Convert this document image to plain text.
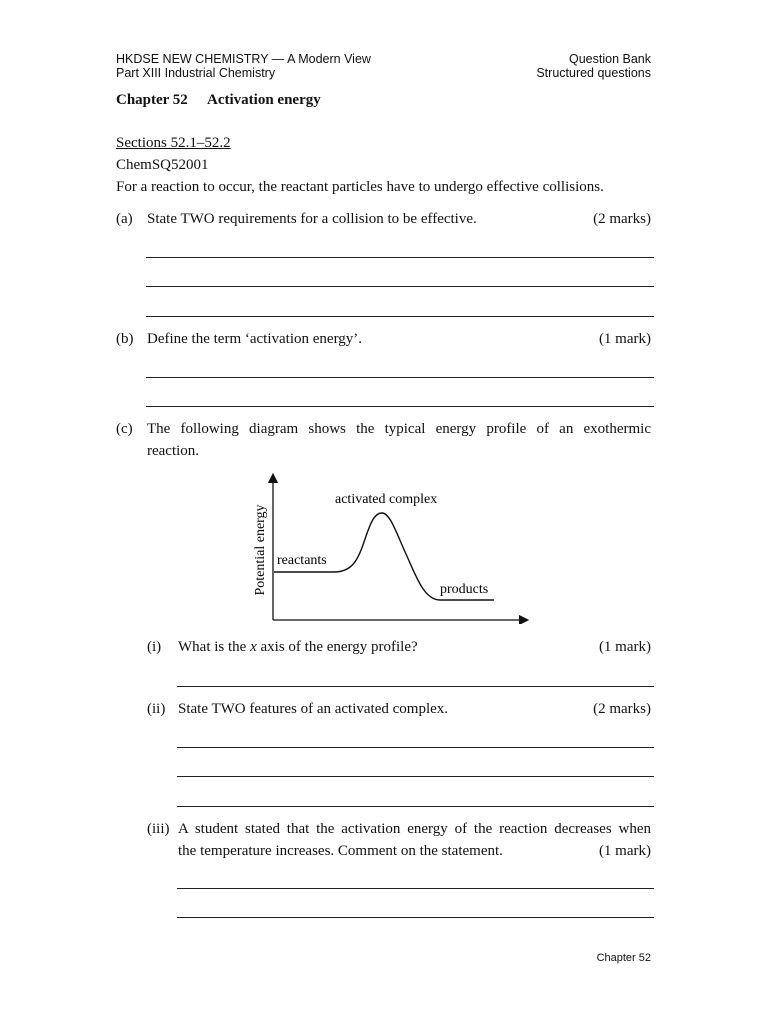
HKDSE NEW CHEMISTRY — A Modern View
Part XIII Industrial Chemistry
Question Bank
Structured questions
Chapter 52 Activation energy
Sections 52.1–52.2
ChemSQ52001
For a reaction to occur, the reactant particles have to undergo effective collisions.
(a) State TWO requirements for a collision to be effective.	(2 marks)
(b) Define the term ‘activation energy’.	(1 mark)
(c) The following diagram shows the typical energy profile of an exothermic
reaction.
Potential energy
activated complex
reactants
products
(i) What is the x axis of the energy profile?	(1 mark)
(ii) State TWO features of an activated complex.	(2 marks)
(iii) A student stated that the activation energy of the reaction decreases when
the temperature increases. Comment on the statement.	(1 mark)
Chapter 52
